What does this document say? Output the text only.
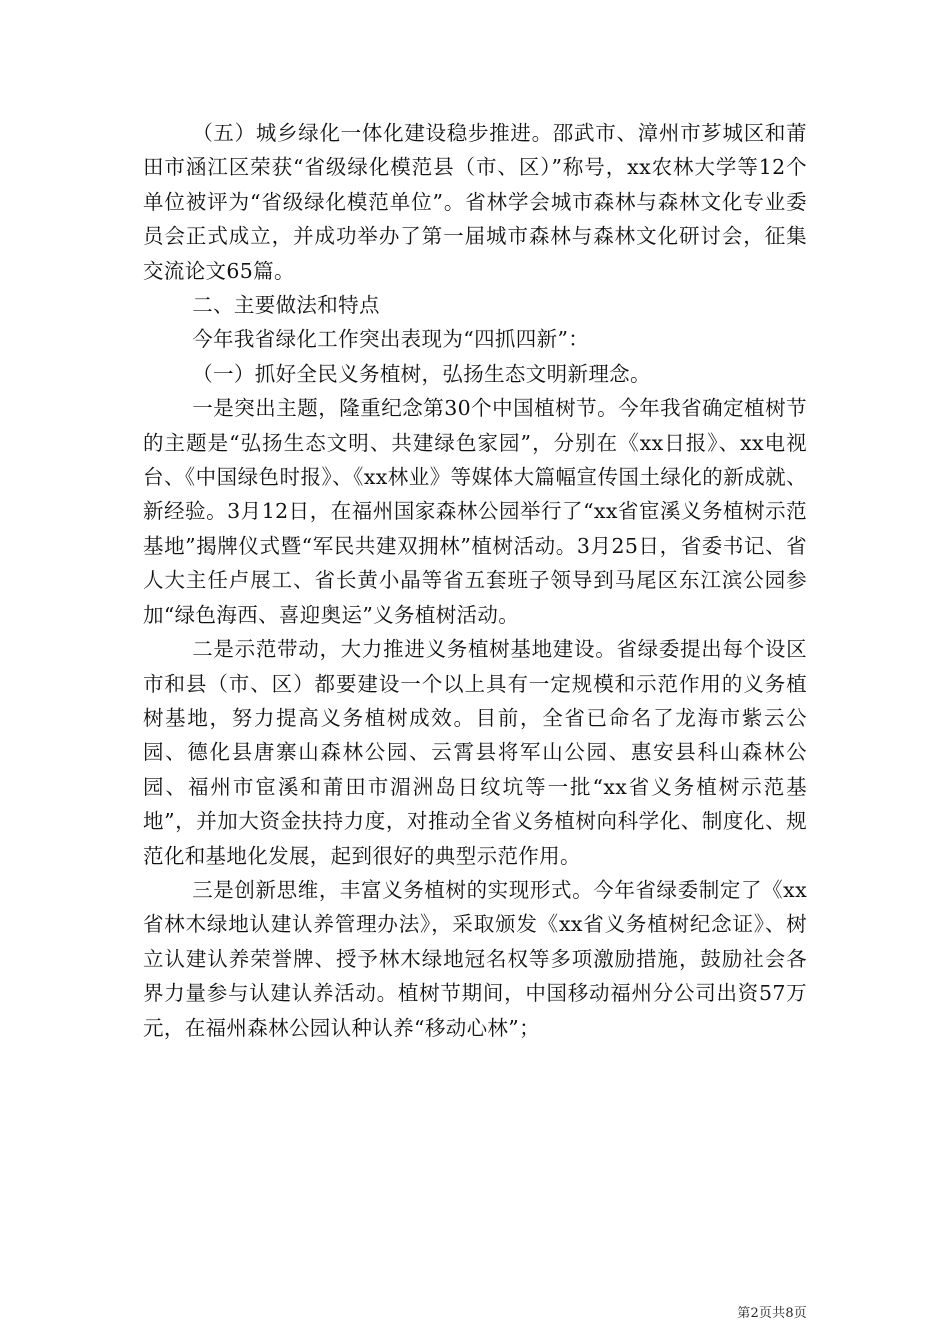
（五）城乡绿化一体化建设稳步推进。邵武市、漳州市芗城区和莆田市涵江区荣获“省级绿化模范县（市、区）”称号，xx农林大学等12个单位被评为“省级绿化模范单位”。省林学会城市森林与森林文化专业委员会正式成立，并成功举办了第一届城市森林与森林文化研讨会，征集交流论文65篇。

二、主要做法和特点

今年我省绿化工作突出表现为“四抓四新”：

（一）抓好全民义务植树，弘扬生态文明新理念。

一是突出主题，隆重纪念第30个中国植树节。今年我省确定植树节的主题是“弘扬生态文明、共建绿色家园”，分别在《xx日报》、xx电视台、《中国绿色时报》、《xx林业》等媒体大篇幅宣传国土绿化的新成就、新经验。3月12日，在福州国家森林公园举行了“xx省宦溪义务植树示范基地”揭牌仪式暨“军民共建双拥林”植树活动。3月25日，省委书记、省人大主任卢展工、省长黄小晶等省五套班子领导到马尾区东江滨公园参加“绿色海西、喜迎奥运”义务植树活动。

二是示范带动，大力推进义务植树基地建设。省绿委提出每个设区市和县（市、区）都要建设一个以上具有一定规模和示范作用的义务植树基地，努力提高义务植树成效。目前，全省已命名了龙海市紫云公园、德化县唐寨山森林公园、云霄县将军山公园、惠安县科山森林公园、福州市宦溪和莆田市湄洲岛日纹坑等一批“xx省义务植树示范基地”，并加大资金扶持力度，对推动全省义务植树向科学化、制度化、规范化和基地化发展，起到很好的典型示范作用。

三是创新思维，丰富义务植树的实现形式。今年省绿委制定了《xx省林木绿地认建认养管理办法》，采取颁发《xx省义务植树纪念证》、树立认建认养荣誉牌、授予林木绿地冠名权等多项激励措施，鼓励社会各界力量参与认建认养活动。植树节期间，中国移动福州分公司出资57万元，在福州森林公园认种认养“移动心林”；

第2页共8页
